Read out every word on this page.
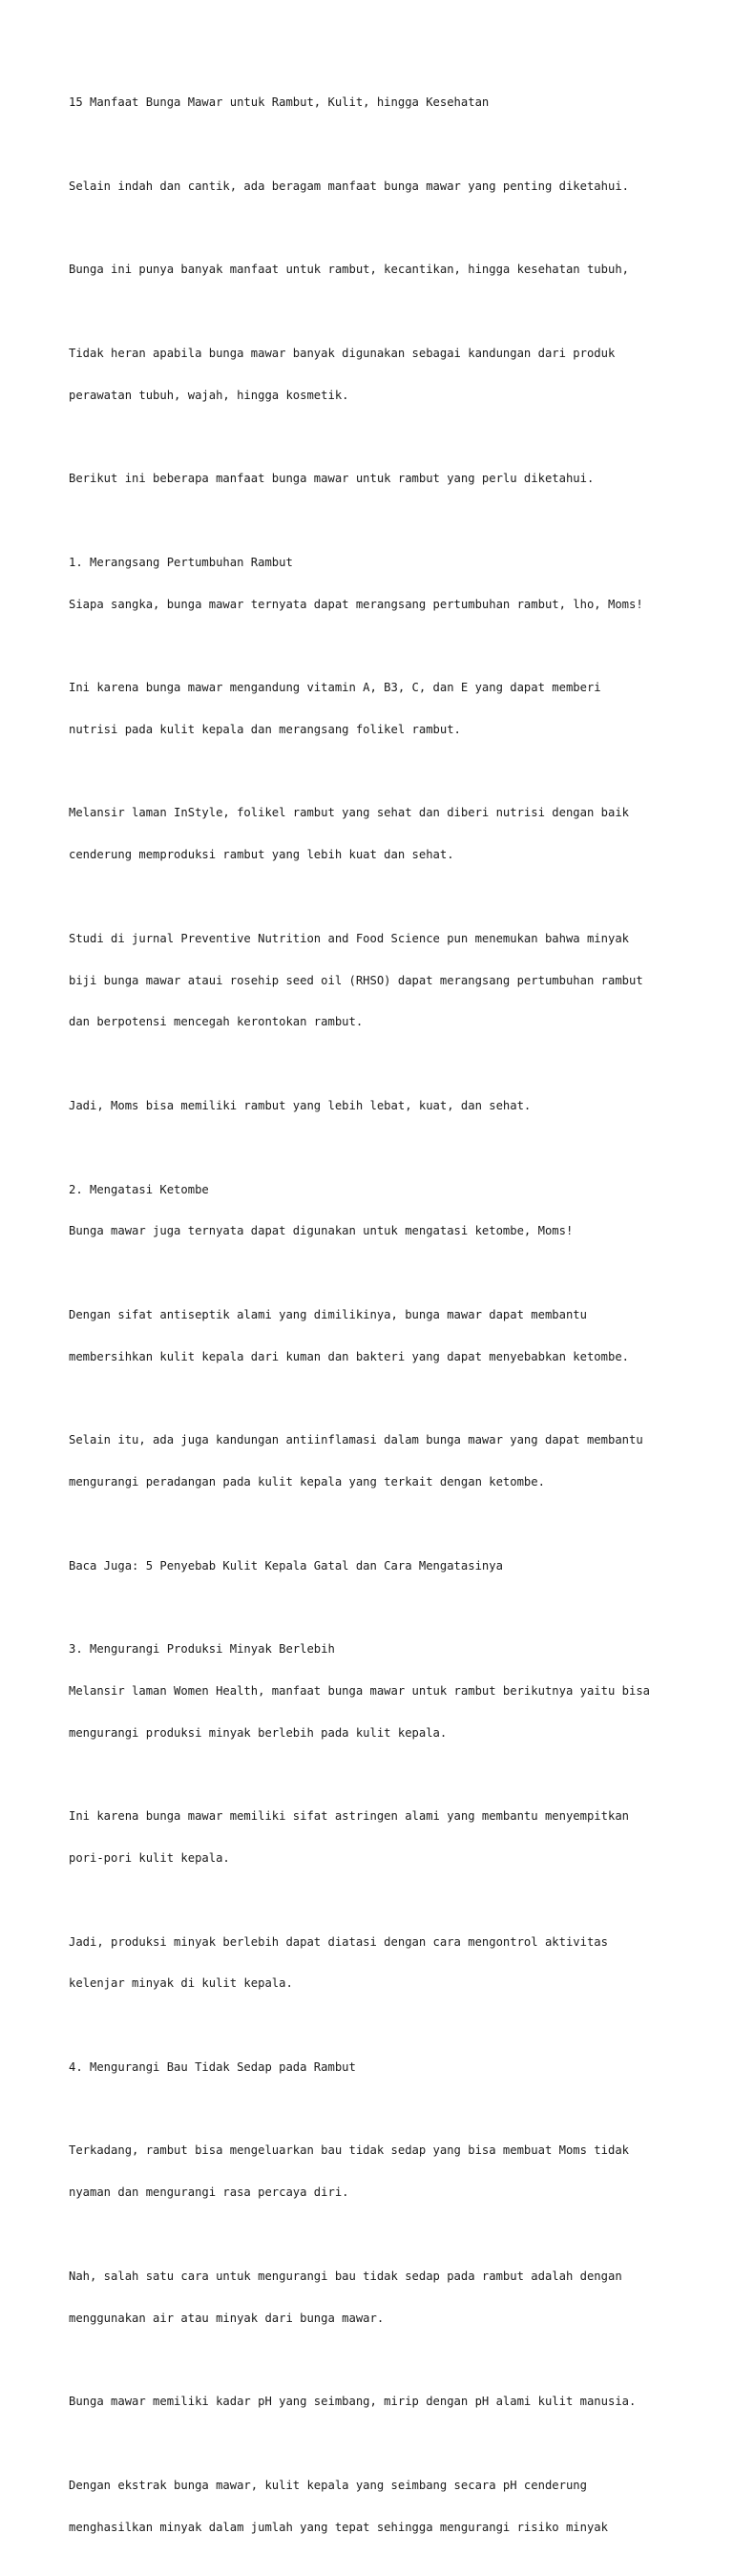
15 Manfaat Bunga Mawar untuk Rambut, Kulit, hingga Kesehatan

Selain indah dan cantik, ada beragam manfaat bunga mawar yang penting diketahui.

Bunga ini punya banyak manfaat untuk rambut, kecantikan, hingga kesehatan tubuh,

Tidak heran apabila bunga mawar banyak digunakan sebagai kandungan dari produk

perawatan tubuh, wajah, hingga kosmetik.

Berikut ini beberapa manfaat bunga mawar untuk rambut yang perlu diketahui.

1. Merangsang Pertumbuhan Rambut

Siapa sangka, bunga mawar ternyata dapat merangsang pertumbuhan rambut, lho, Moms!

Ini karena bunga mawar mengandung vitamin A, B3, C, dan E yang dapat memberi

nutrisi pada kulit kepala dan merangsang folikel rambut.

Melansir laman InStyle, folikel rambut yang sehat dan diberi nutrisi dengan baik

cenderung memproduksi rambut yang lebih kuat dan sehat.

Studi di jurnal Preventive Nutrition and Food Science pun menemukan bahwa minyak

biji bunga mawar ataui rosehip seed oil (RHSO) dapat merangsang pertumbuhan rambut

dan berpotensi mencegah kerontokan rambut.

Jadi, Moms bisa memiliki rambut yang lebih lebat, kuat, dan sehat.

2. Mengatasi Ketombe

Bunga mawar juga ternyata dapat digunakan untuk mengatasi ketombe, Moms!

Dengan sifat antiseptik alami yang dimilikinya, bunga mawar dapat membantu

membersihkan kulit kepala dari kuman dan bakteri yang dapat menyebabkan ketombe.

Selain itu, ada juga kandungan antiinflamasi dalam bunga mawar yang dapat membantu

mengurangi peradangan pada kulit kepala yang terkait dengan ketombe.

Baca Juga: 5 Penyebab Kulit Kepala Gatal dan Cara Mengatasinya

3. Mengurangi Produksi Minyak Berlebih

Melansir laman Women Health, manfaat bunga mawar untuk rambut berikutnya yaitu bisa

mengurangi produksi minyak berlebih pada kulit kepala.

Ini karena bunga mawar memiliki sifat astringen alami yang membantu menyempitkan

pori-pori kulit kepala.

Jadi, produksi minyak berlebih dapat diatasi dengan cara mengontrol aktivitas

kelenjar minyak di kulit kepala.

4. Mengurangi Bau Tidak Sedap pada Rambut

Terkadang, rambut bisa mengeluarkan bau tidak sedap yang bisa membuat Moms tidak

nyaman dan mengurangi rasa percaya diri.

Nah, salah satu cara untuk mengurangi bau tidak sedap pada rambut adalah dengan

menggunakan air atau minyak dari bunga mawar.

Bunga mawar memiliki kadar pH yang seimbang, mirip dengan pH alami kulit manusia.

Dengan ekstrak bunga mawar, kulit kepala yang seimbang secara pH cenderung

menghasilkan minyak dalam jumlah yang tepat sehingga mengurangi risiko minyak
